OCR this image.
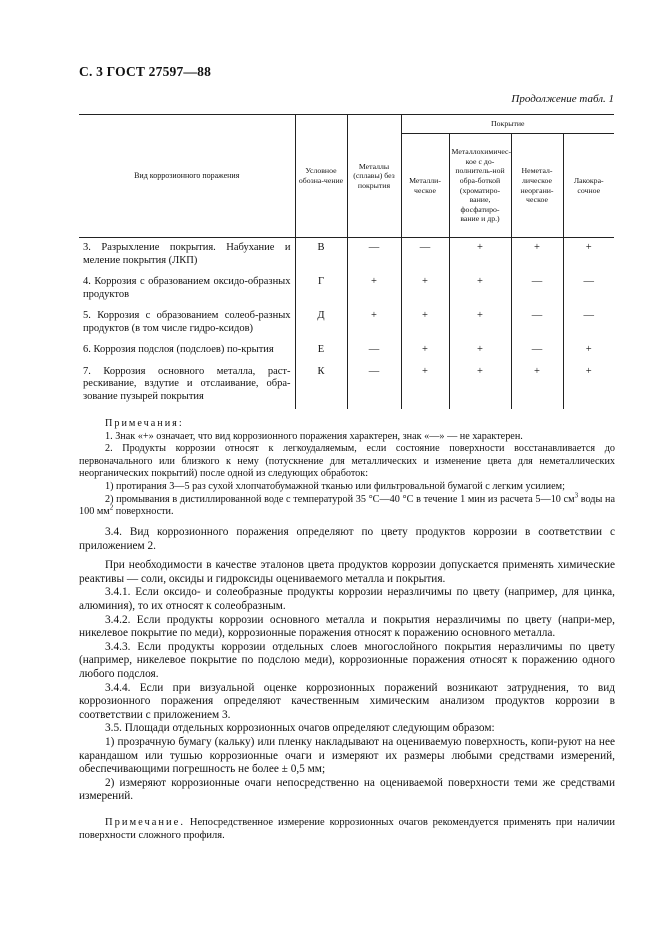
С. 3 ГОСТ 27597—88
Продолжение табл. 1
Вид коррозионного поражения	Условное обозна-чение	Металлы (сплавы) без покрытия	Покрытие			
			Металли-ческое	Металлохимичес-кое с до-полнитель-ной обра-боткой (хроматиро-вание, фосфатиро-вание и др.)	Неметал-лическое неоргани-ческое	Лакокра-сочное
3. Разрыхление покрытия. Набухание и меление покрытия (ЛКП)	В	—	—	+	+	+
4. Коррозия с образованием оксидо-образных продуктов	Г	+	+	+	—	—
5. Коррозия с образованием солеоб-разных продуктов (в том числе гидро-ксидов)	Д	+	+	+	—	—
6. Коррозия подслоя (подслоев) по-крытия	Е	—	+	+	—	+
7. Коррозия основного металла, раст-рескивание, вздутие и отслаивание, обра-зование пузырей покрытия	К	—	+	+	+	+

Примечания:

1. Знак «+» означает, что вид коррозионного поражения характерен, знак «—» — не характерен.

2. Продукты коррозии относят к легкоудаляемым, если состояние поверхности восстанавливается до первоначального или близкого к нему (потускнение для металлических и изменение цвета для неметаллических неорганических покрытий) после одной из следующих обработок:

1) протирания 3—5 раз сухой хлопчатобумажной тканью или фильтровальной бумагой с легким усилием;

2) промывания в дистиллированной воде с температурой 35 °С—40 °С в течение 1 мин из расчета 5—10 $см^3$ воды на 100 $мм^2$ поверхности.

3.4. Вид коррозионного поражения определяют по цвету продуктов коррозии в соответствии с приложением 2.

При необходимости в качестве эталонов цвета продуктов коррозии допускается применять химические реактивы — соли, оксиды и гидроксиды оцениваемого металла и покрытия.

3.4.1. Если оксидо- и солеобразные продукты коррозии неразличимы по цвету (например, для цинка, алюминия), то их относят к солеобразным.

3.4.2. Если продукты коррозии основного металла и покрытия неразличимы по цвету (напри-мер, никелевое покрытие по меди), коррозионные поражения относят к поражению основного металла.

3.4.3. Если продукты коррозии отдельных слоев многослойного покрытия неразличимы по цвету (например, никелевое покрытие по подслою меди), коррозионные поражения относят к поражению одного любого подслоя.

3.4.4. Если при визуальной оценке коррозионных поражений возникают затруднения, то вид коррозионного поражения определяют качественным химическим анализом продуктов коррозии в соответствии с приложением 3.

3.5. Площади отдельных коррозионных очагов определяют следующим образом:

1) прозрачную бумагу (кальку) или пленку накладывают на оцениваемую поверхность, копи-руют на нее карандашом или тушью коррозионные очаги и измеряют их размеры любыми средствами измерений, обеспечивающими погрешность не более ± 0,5 мм;

2) измеряют коррозионные очаги непосредственно на оцениваемой поверхности теми же средствами измерений.

Примечание. Непосредственное измерение коррозионных очагов рекомендуется применять при наличии поверхности сложного профиля.
